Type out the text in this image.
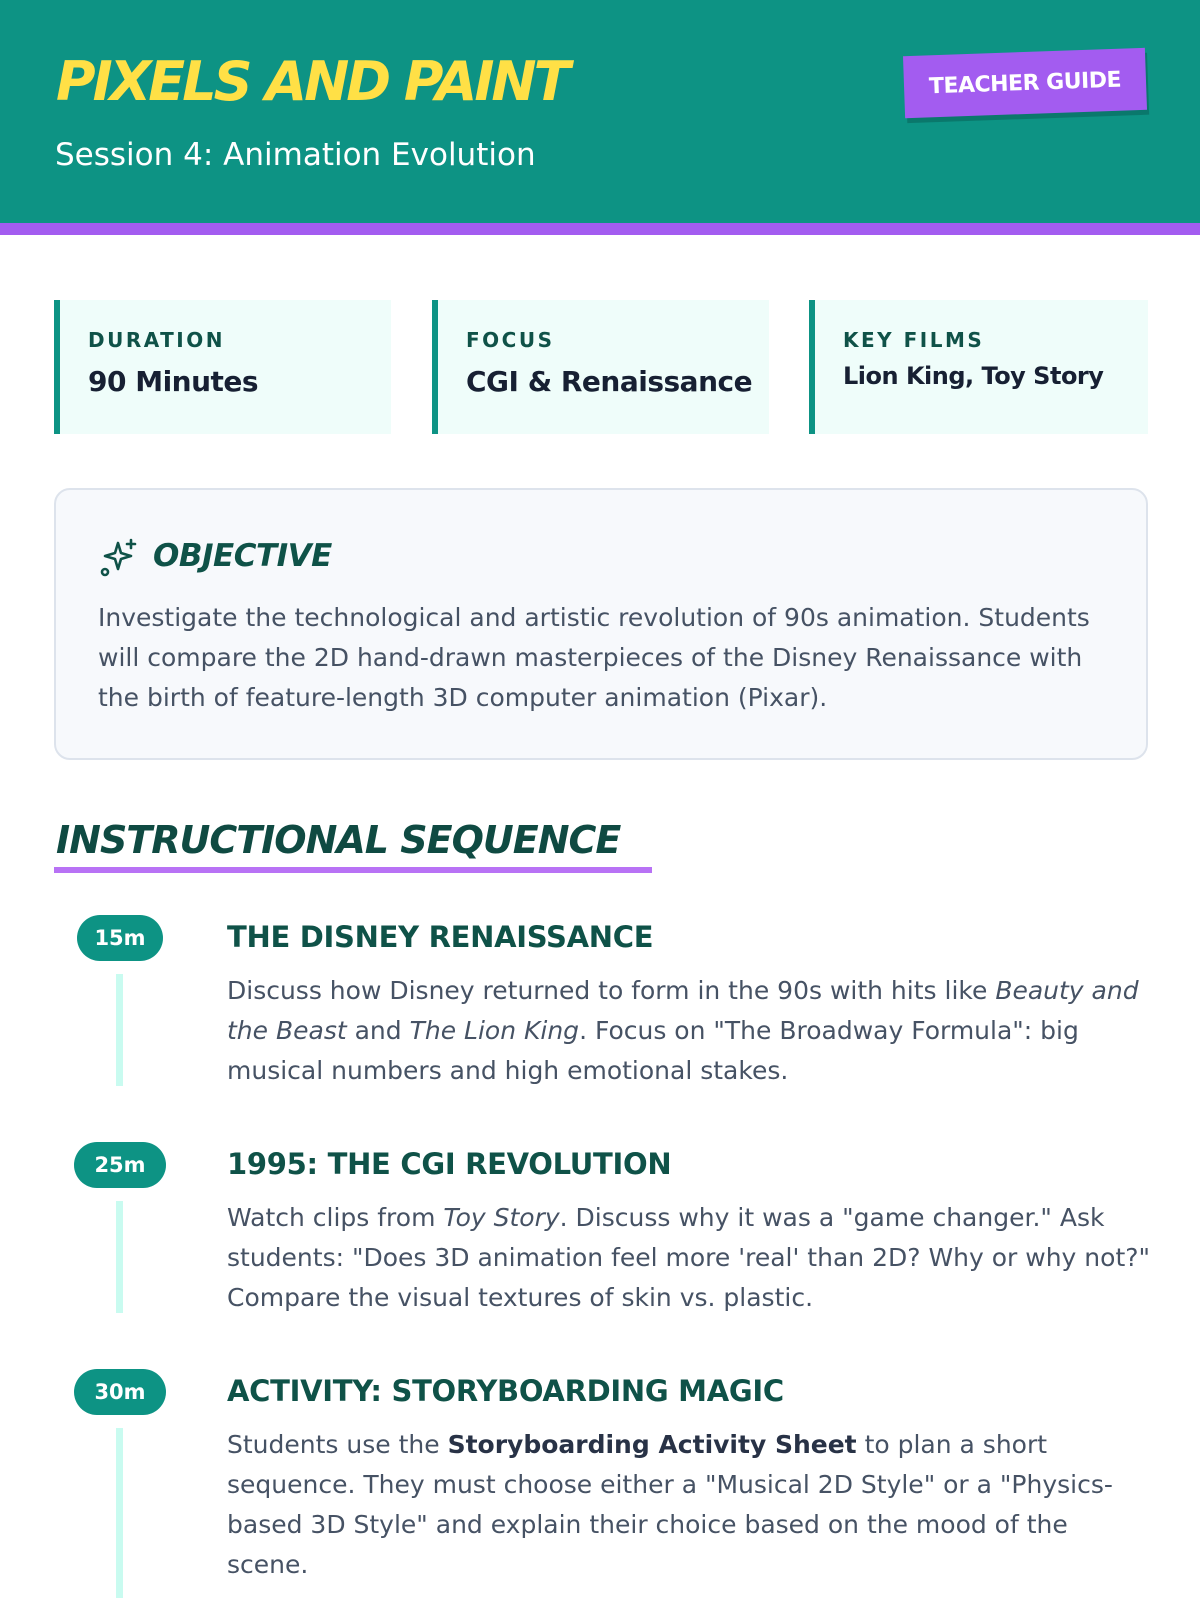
PIXELS AND PAINT
Session 4: Animation Evolution
TEACHER GUIDE
DURATION
90 Minutes
FOCUS
CGI & Renaissance
KEY FILMS
Lion King, Toy Story
OBJECTIVE
Investigate the technological and artistic revolution of 90s animation. Students will compare the 2D hand-drawn masterpieces of the Disney Renaissance with the birth of feature-length 3D computer animation (Pixar).
INSTRUCTIONAL SEQUENCE
15m	THE DISNEY RENAISSANCE
Discuss how Disney returned to form in the 90s with hits like Beauty and the Beast and The Lion King. Focus on "The Broadway Formula": big musical numbers and high emotional stakes.
25m	1995: THE CGI REVOLUTION
Watch clips from Toy Story. Discuss why it was a "game changer." Ask students: "Does 3D animation feel more 'real' than 2D? Why or why not?" Compare the visual textures of skin vs. plastic.
30m	ACTIVITY: STORYBOARDING MAGIC
Students use the Storyboarding Activity Sheet to plan a short sequence. They must choose either a "Musical 2D Style" or a "Physics-based 3D Style" and explain their choice based on the mood of the scene.
